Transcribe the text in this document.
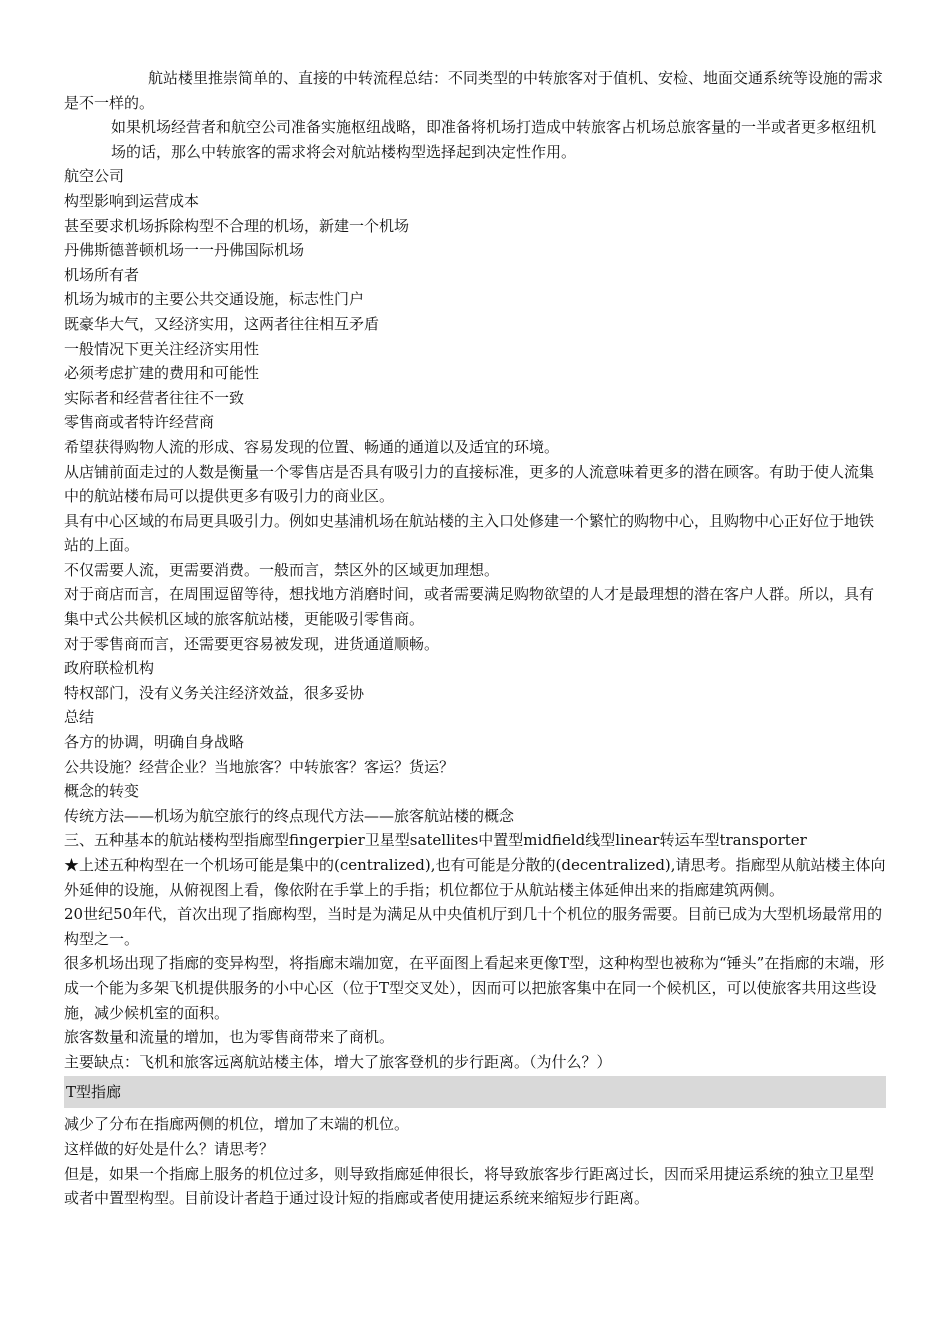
航站楼里推崇简单的、直接的中转流程总结：不同类型的中转旅客对于值机、安检、地面交通系统等设施的需求是不一样的。

如果机场经营者和航空公司准备实施枢纽战略，即准备将机场打造成中转旅客占机场总旅客量的一半或者更多枢纽机场的话，那么中转旅客的需求将会对航站楼构型选择起到决定性作用。

航空公司

构型影响到运营成本

甚至要求机场拆除构型不合理的机场，新建一个机场

丹佛斯德普顿机场一一丹佛国际机场

机场所有者

机场为城市的主要公共交通设施，标志性门户

既豪华大气，又经济实用，这两者往往相互矛盾

一般情况下更关注经济实用性

必须考虑扩建的费用和可能性

实际者和经营者往往不一致

零售商或者特许经营商

希望获得购物人流的形成、容易发现的位置、畅通的通道以及适宜的环境。

从店铺前面走过的人数是衡量一个零售店是否具有吸引力的直接标准，更多的人流意味着更多的潜在顾客。有助于使人流集中的航站楼布局可以提供更多有吸引力的商业区。

具有中心区域的布局更具吸引力。例如史基浦机场在航站楼的主入口处修建一个繁忙的购物中心，且购物中心正好位于地铁站的上面。

不仅需要人流，更需要消费。一般而言，禁区外的区域更加理想。

对于商店而言，在周围逗留等待，想找地方消磨时间，或者需要满足购物欲望的人才是最理想的潜在客户人群。所以，具有集中式公共候机区域的旅客航站楼，更能吸引零售商。

对于零售商而言，还需要更容易被发现，进货通道顺畅。

政府联检机构

特权部门，没有义务关注经济效益，很多妥协

总结

各方的协调，明确自身战略

公共设施？经营企业？当地旅客？中转旅客？客运？货运？

概念的转变

传统方法——机场为航空旅行的终点现代方法——旅客航站楼的概念

三、五种基本的航站楼构型指廊型fingerpier卫星型satellites中置型midfield线型linear转运车型transporter

★上述五种构型在一个机场可能是集中的(centralized),也有可能是分散的(decentralized),请思考。指廊型从航站楼主体向外延伸的设施，从俯视图上看，像依附在手掌上的手指；机位都位于从航站楼主体延伸出来的指廊建筑两侧。

20世纪50年代，首次出现了指廊构型，当时是为满足从中央值机厅到几十个机位的服务需要。目前已成为大型机场最常用的构型之一。

很多机场出现了指廊的变异构型，将指廊末端加宽，在平面图上看起来更像T型，这种构型也被称为“锤头”在指廊的末端，形成一个能为多架飞机提供服务的小中心区（位于T型交叉处），因而可以把旅客集中在同一个候机区，可以使旅客共用这些设施，减少候机室的面积。

旅客数量和流量的增加，也为零售商带来了商机。

主要缺点：飞机和旅客远离航站楼主体，增大了旅客登机的步行距离。（为什么？）

T型指廊

减少了分布在指廊两侧的机位，增加了末端的机位。

这样做的好处是什么？请思考？

但是，如果一个指廊上服务的机位过多，则导致指廊延伸很长，将导致旅客步行距离过长，因而采用捷运系统的独立卫星型或者中置型构型。目前设计者趋于通过设计短的指廊或者使用捷运系统来缩短步行距离。
